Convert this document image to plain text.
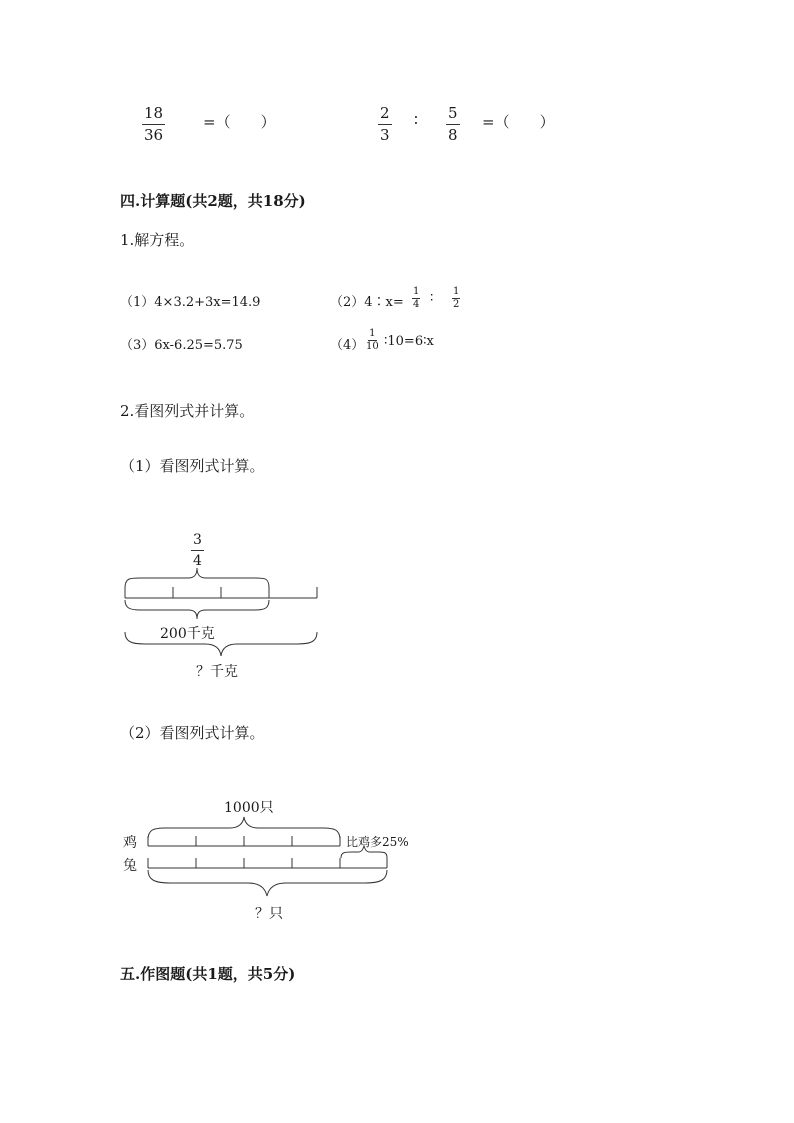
$\frac{18}{36}$	=（　　）	$\frac{2}{3}$ ∶ $\frac{5}{8}$ =（　　）
四.计算题(共2题，共18分)
1.解方程。
（1）4×3.2+3x=14.9	（2）4∶x= $\frac{1}{4}$ ∶ $\frac{1}{2}$
（3）6x-6.25=5.75	$(4) \frac{1}{10}$ ∶10=6∶x
2.看图列式并计算。
（1）看图列式计算。
$\frac{3}{4}$
200千克
？千克
（2）看图列式计算。
1000只
鸡
兔
比鸡多25%
？只
五.作图题(共1题，共5分)
